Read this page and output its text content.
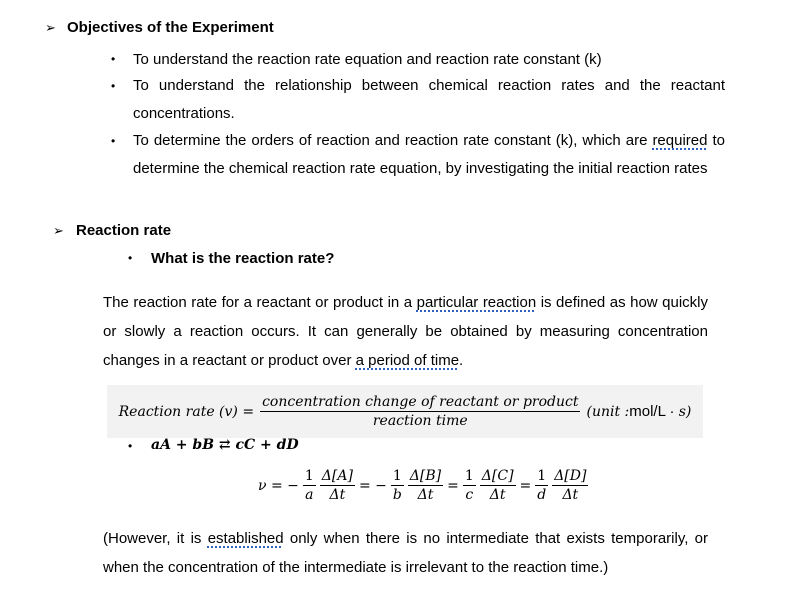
➢ Objectives of the Experiment
• To understand the reaction rate equation and reaction rate constant (k)
• To understand the relationship between chemical reaction rates and the reactant concentrations.
• To determine the orders of reaction and reaction rate constant (k), which are required to determine the chemical reaction rate equation, by investigating the initial reaction rates
➢ Reaction rate
• What is the reaction rate?
The reaction rate for a reactant or product in a particular reaction is defined as how quickly or slowly a reaction occurs. It can generally be obtained by measuring concentration changes in a reactant or product over a period of time.
Reaction rate $(v) = \frac{\text{concentration change of reactant or product}}{\text{reaction time}}$ (unit :mol/L · s)
• aA + bB ⇄ cC + dD
ν = − $\frac{1}{a} \frac{\Delta[A]}{\Delta t}$ = − $\frac{1}{b} \frac{\Delta[B]}{\Delta t} = \frac{1}{c} \frac{\Delta[C]}{\Delta t} = \frac{1}{d} \frac{\Delta[D]}{\Delta t}$
(However, it is established only when there is no intermediate that exists temporarily, or when the concentration of the intermediate is irrelevant to the reaction time.)
